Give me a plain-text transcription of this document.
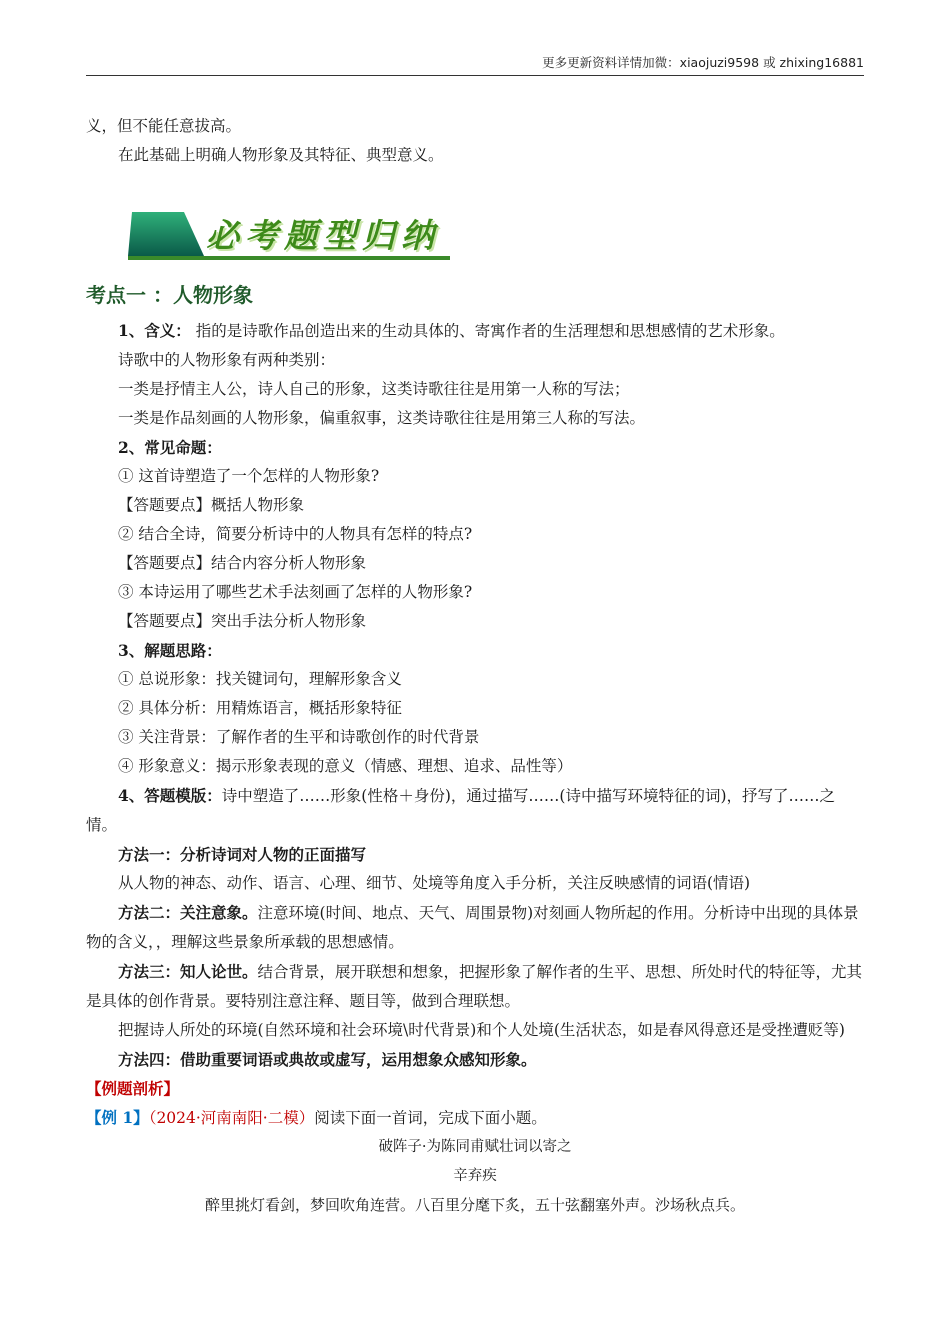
更多更新资料详情加微：xiaojuzi9598 或 zhixing16881

义，但不能任意拔高。

在此基础上明确人物形象及其特征、典型意义。

必考题型归纳
考点一 ：人物形象

1、含义： 指的是诗歌作品创造出来的生动具体的、寄寓作者的生活理想和思想感情的艺术形象。

诗歌中的人物形象有两种类别：

一类是抒情主人公，诗人自己的形象，这类诗歌往往是用第一人称的写法；

一类是作品刻画的人物形象，偏重叙事，这类诗歌往往是用第三人称的写法。

2、常见命题：

① 这首诗塑造了一个怎样的人物形象?

【答题要点】概括人物形象

② 结合全诗，简要分析诗中的人物具有怎样的特点?

【答题要点】结合内容分析人物形象

③ 本诗运用了哪些艺术手法刻画了怎样的人物形象?

【答题要点】突出手法分析人物形象

3、解题思路：

① 总说形象：找关键词句，理解形象含义

② 具体分析：用精炼语言，概括形象特征

③ 关注背景：了解作者的生平和诗歌创作的时代背景

④ 形象意义：揭示形象表现的意义（情感、理想、追求、品性等）

4、答题模版：诗中塑造了……形象(性格＋身份)，通过描写……(诗中描写环境特征的词)，抒写了……之情。

方法一：分析诗词对人物的正面描写

从人物的神态、动作、语言、心理、细节、处境等角度入手分析，关注反映感情的词语(情语)

方法二：关注意象。注意环境(时间、地点、天气、周围景物)对刻画人物所起的作用。分析诗中出现的具体景物的含义，，理解这些景象所承载的思想感情。

方法三：知人论世。结合背景，展开联想和想象，把握形象了解作者的生平、思想、所处时代的特征等，尤其是具体的创作背景。要特别注意注释、题目等，做到合理联想。

把握诗人所处的环境(自然环境和社会环境\时代背景)和个人处境(生活状态，如是春风得意还是受挫遭贬等)

方法四：借助重要词语或典故或虚写，运用想象众感知形象。

【例题剖析】

【例 1】（2024·河南南阳·二模）阅读下面一首词，完成下面小题。

破阵子·为陈同甫赋壮词以寄之

辛弃疾

醉里挑灯看剑，梦回吹角连营。八百里分麾下炙，五十弦翻塞外声。沙场秋点兵。
